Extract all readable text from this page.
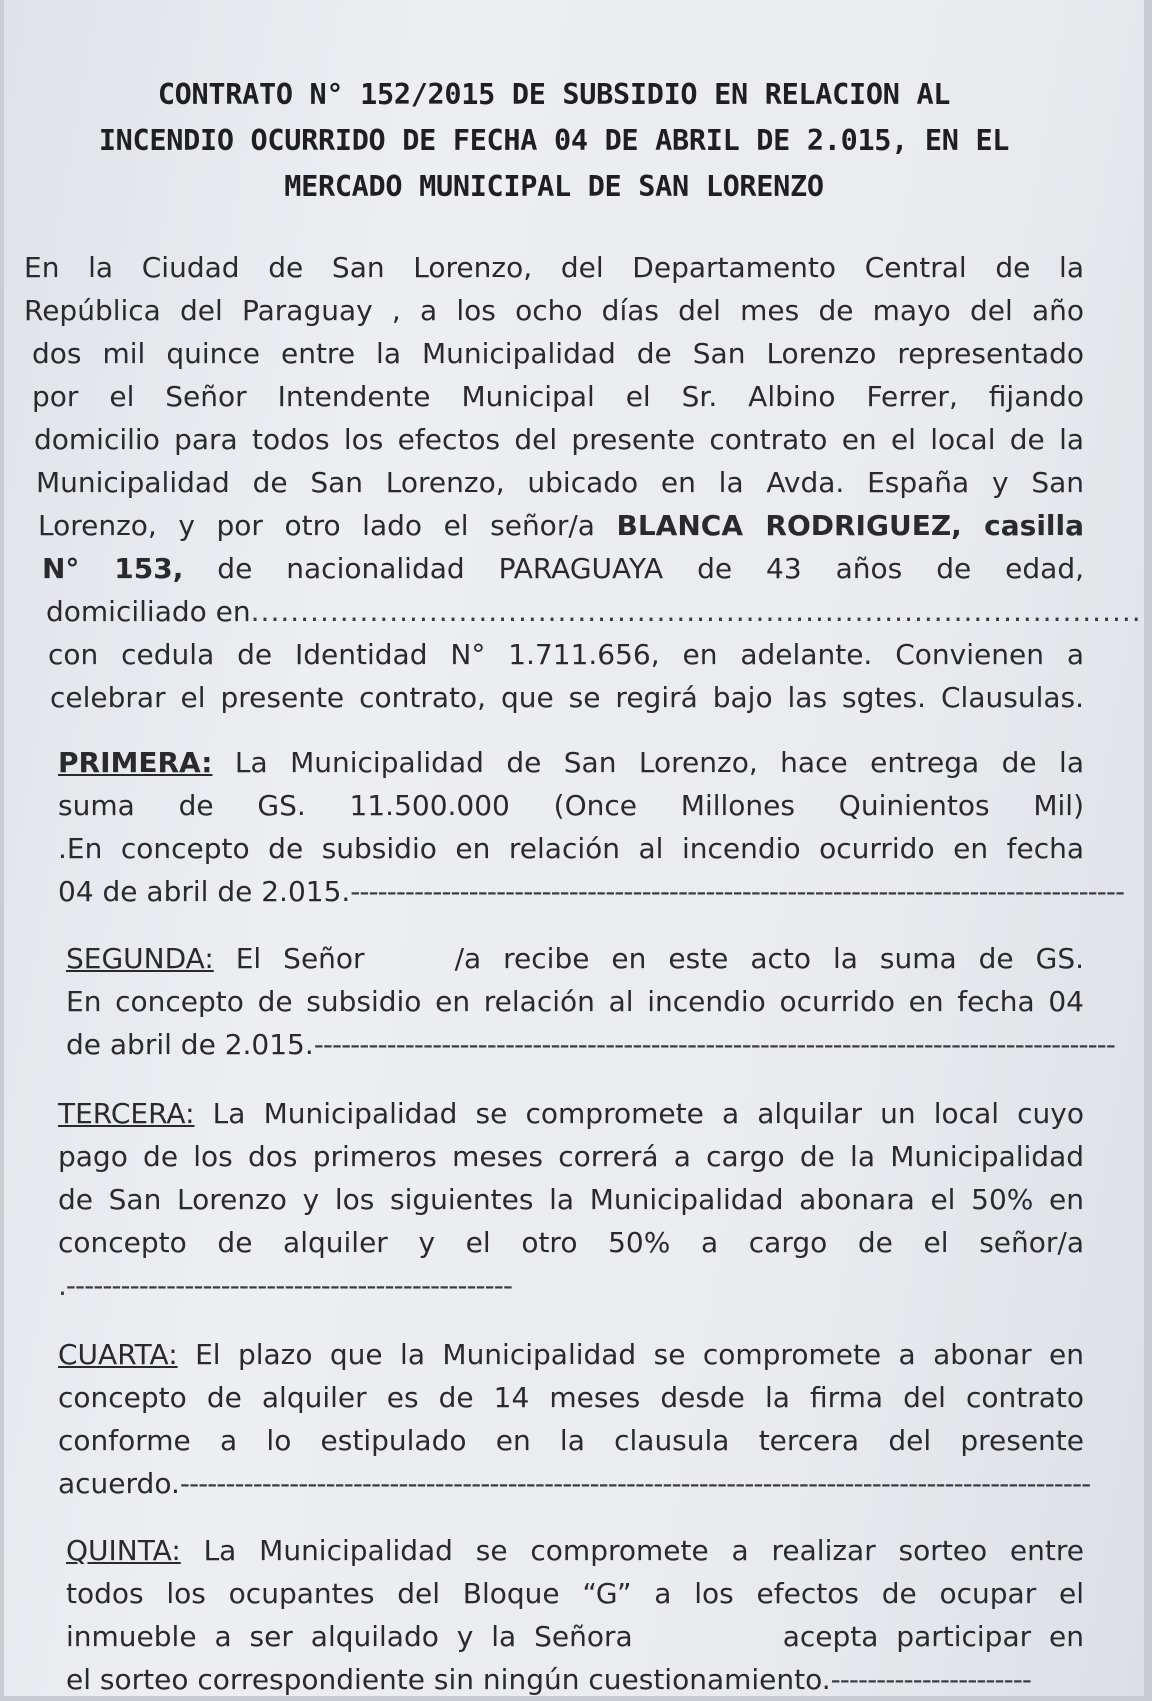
CONTRATO N° 152/2015 DE SUBSIDIO EN RELACION AL
INCENDIO OCURRIDO DE FECHA 04 DE ABRIL DE 2.015, EN EL
MERCADO MUNICIPAL DE SAN LORENZO
En la Ciudad de San Lorenzo, del Departamento Central de la
República del Paraguay , a los ocho días del mes de mayo del año
dos mil quince entre la Municipalidad de San Lorenzo representado
por el Señor Intendente Municipal el Sr. Albino Ferrer, fijando
domicilio para todos los efectos del presente contrato en el local de la
Municipalidad de San Lorenzo, ubicado en la Avda. España y San
Lorenzo, y por otro lado el señor/a BLANCA RODRIGUEZ, casilla
N° 153, de nacionalidad PARAGUAYA de 43 años de edad,
domiciliado en..........................................................................................
con cedula de Identidad N° 1.711.656, en adelante. Convienen a
celebrar el presente contrato, que se regirá bajo las sgtes. Clausulas.
PRIMERA: La Municipalidad de San Lorenzo, hace entrega de la
suma de GS. 11.500.000 (Once Millones Quinientos Mil)
.En concepto de subsidio en relación al incendio ocurrido en fecha
04 de abril de 2.015.-------------------------------------------------------------------------------------
SEGUNDA: El Señor	/a recibe en este acto la suma de GS.
En concepto de subsidio en relación al incendio ocurrido en fecha 04
de abril de 2.015.----------------------------------------------------------------------------------------
TERCERA: La Municipalidad se compromete a alquilar un local cuyo
pago de los dos primeros meses correrá a cargo de la Municipalidad
de San Lorenzo y los siguientes la Municipalidad abonara el 50% en
concepto de alquiler y el otro 50% a cargo de el señor/a
.-------------------------------------------------
CUARTA: El plazo que la Municipalidad se compromete a abonar en
concepto de alquiler es de 14 meses desde la firma del contrato
conforme a lo estipulado en la clausula tercera del presente
acuerdo.----------------------------------------------------------------------------------------------------
QUINTA: La Municipalidad se compromete a realizar sorteo entre
todos los ocupantes del Bloque “G” a los efectos de ocupar el
inmueble a ser alquilado y la Señora	acepta participar en
el sorteo correspondiente sin ningún cuestionamiento.----------------------
